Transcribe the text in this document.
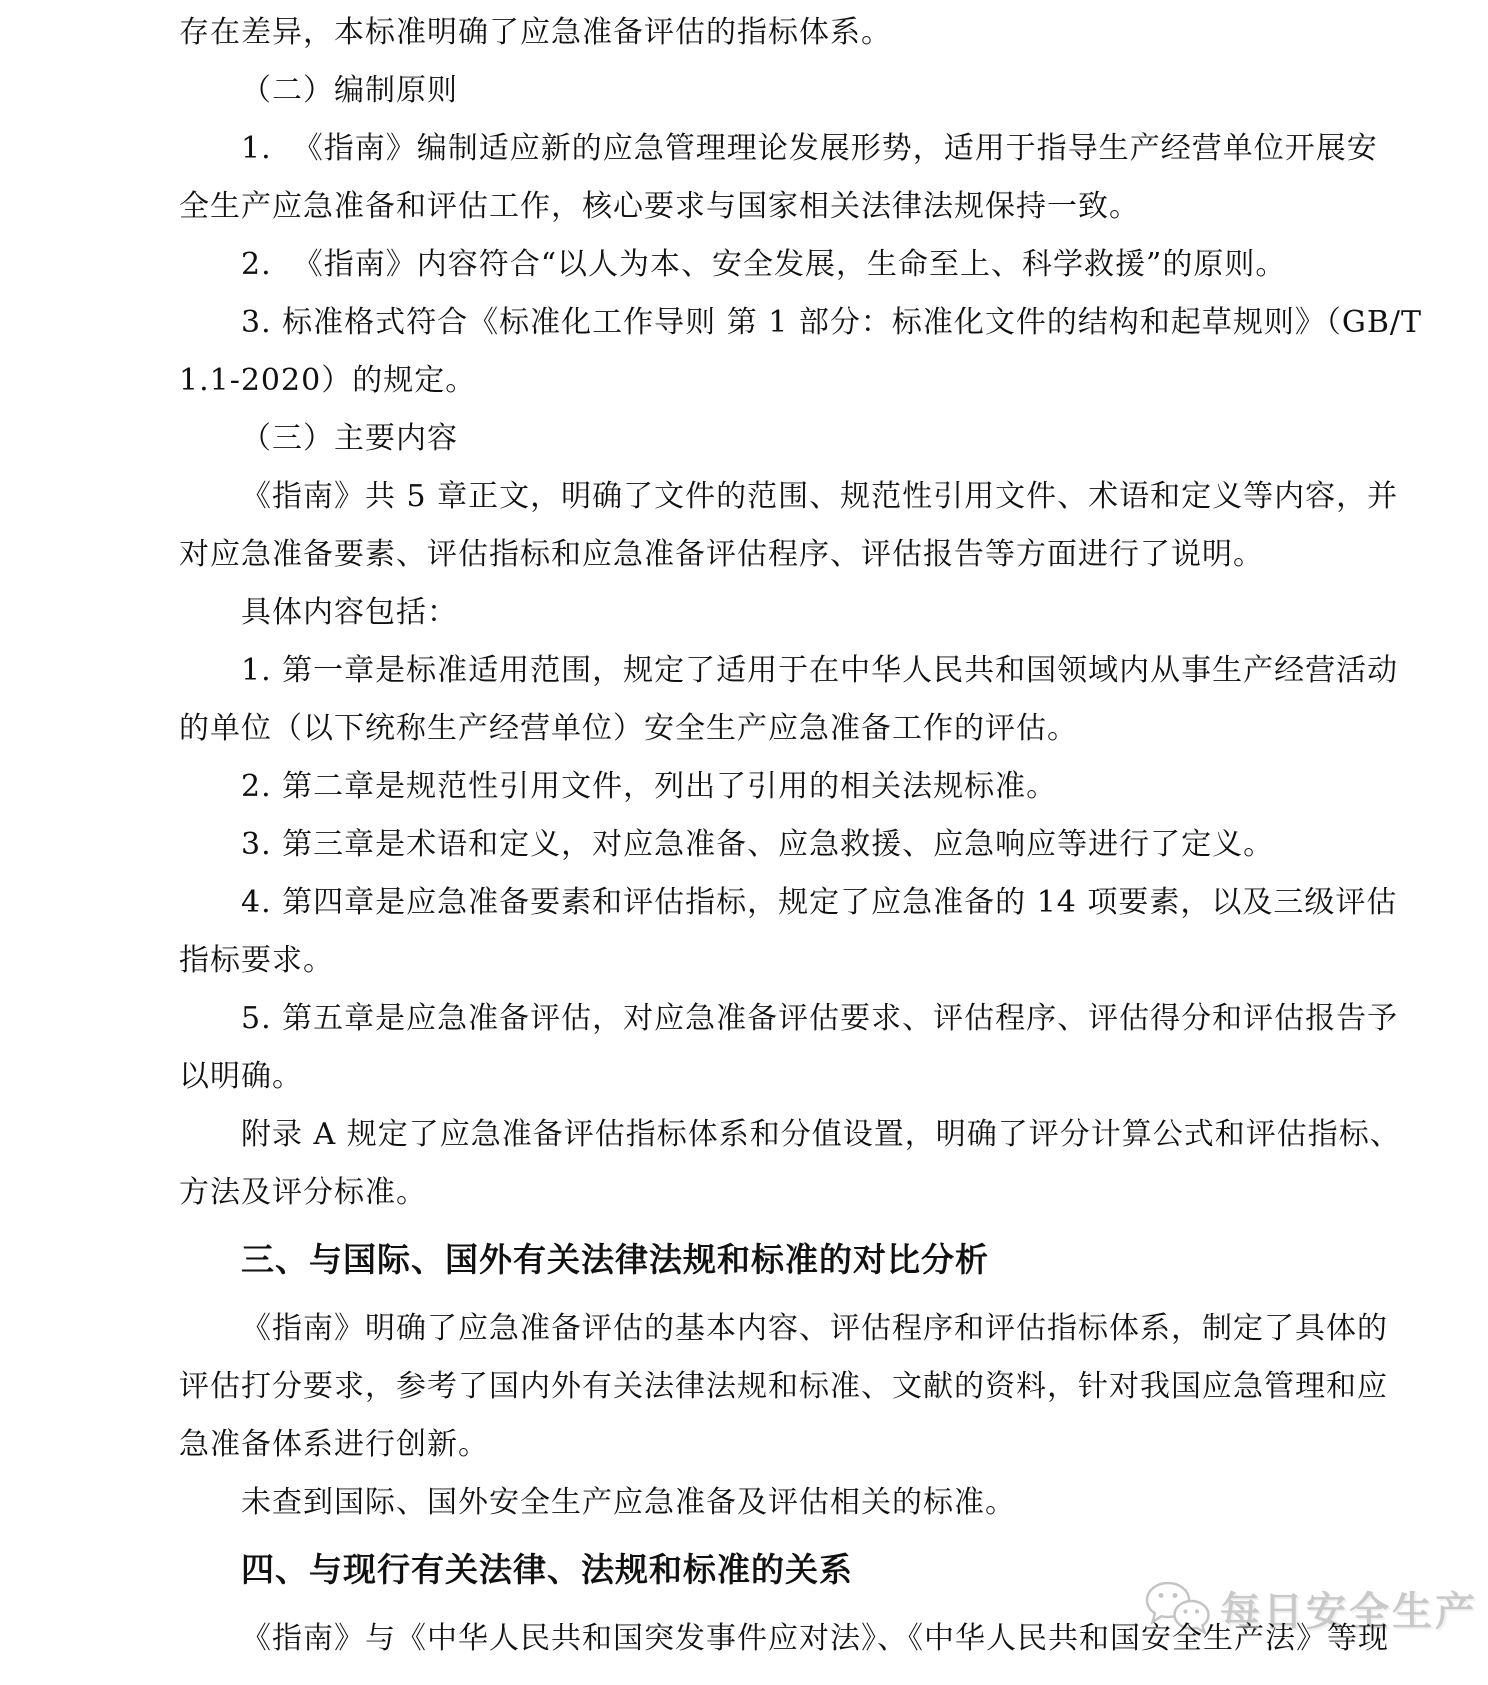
每日安全生产
存在差异，本标准明确了应急准备评估的指标体系。
（二）编制原则
1.  《指南》编制适应新的应急管理理论发展形势，适用于指导生产经营单位开展安
全生产应急准备和评估工作，核心要求与国家相关法律法规保持一致。
2.  《指南》内容符合“以人为本、安全发展，生命至上、科学救援”的原则。
3. 标准格式符合《标准化工作导则 第 1 部分：标准化文件的结构和起草规则》（GB/T
1.1-2020）的规定。
（三）主要内容
《指南》共 5 章正文，明确了文件的范围、规范性引用文件、术语和定义等内容，并
对应急准备要素、评估指标和应急准备评估程序、评估报告等方面进行了说明。
具体内容包括：
1. 第一章是标准适用范围，规定了适用于在中华人民共和国领域内从事生产经营活动
的单位（以下统称生产经营单位）安全生产应急准备工作的评估。
2. 第二章是规范性引用文件，列出了引用的相关法规标准。
3. 第三章是术语和定义，对应急准备、应急救援、应急响应等进行了定义。
4. 第四章是应急准备要素和评估指标，规定了应急准备的 14 项要素，以及三级评估
指标要求。
5. 第五章是应急准备评估，对应急准备评估要求、评估程序、评估得分和评估报告予
以明确。
附录 A 规定了应急准备评估指标体系和分值设置，明确了评分计算公式和评估指标、
方法及评分标准。
三、与国际、国外有关法律法规和标准的对比分析
《指南》明确了应急准备评估的基本内容、评估程序和评估指标体系，制定了具体的
评估打分要求，参考了国内外有关法律法规和标准、文献的资料，针对我国应急管理和应
急准备体系进行创新。
未查到国际、国外安全生产应急准备及评估相关的标准。
四、与现行有关法律、法规和标准的关系
《指南》与《中华人民共和国突发事件应对法》、《中华人民共和国安全生产法》等现
